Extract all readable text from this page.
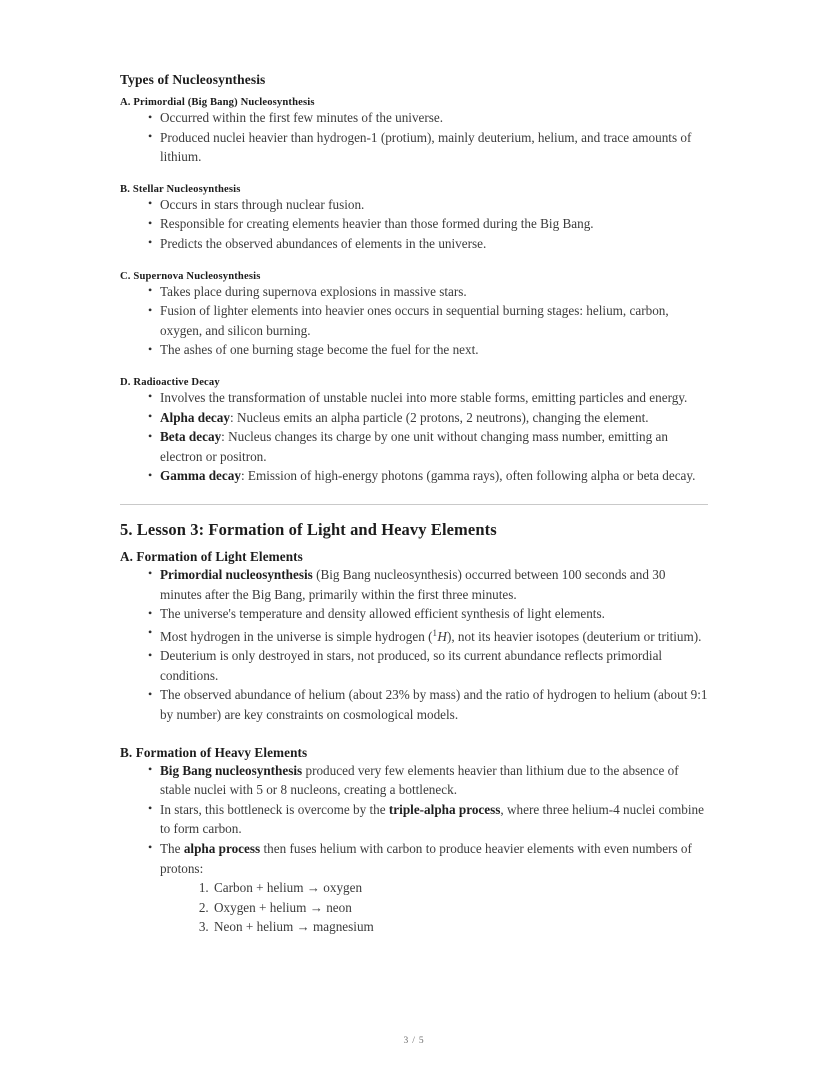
Types of Nucleosynthesis
A. Primordial (Big Bang) Nucleosynthesis
• Occurred within the first few minutes of the universe.
• Produced nuclei heavier than hydrogen-1 (protium), mainly deuterium, helium, and trace amounts of lithium.
B. Stellar Nucleosynthesis
• Occurs in stars through nuclear fusion.
• Responsible for creating elements heavier than those formed during the Big Bang.
• Predicts the observed abundances of elements in the universe.
C. Supernova Nucleosynthesis
• Takes place during supernova explosions in massive stars.
• Fusion of lighter elements into heavier ones occurs in sequential burning stages: helium, carbon, oxygen, and silicon burning.
• The ashes of one burning stage become the fuel for the next.
D. Radioactive Decay
• Involves the transformation of unstable nuclei into more stable forms, emitting particles and energy.
• Alpha decay: Nucleus emits an alpha particle (2 protons, 2 neutrons), changing the element.
• Beta decay: Nucleus changes its charge by one unit without changing mass number, emitting an electron or positron.
• Gamma decay: Emission of high-energy photons (gamma rays), often following alpha or beta decay.
5. Lesson 3: Formation of Light and Heavy Elements
A. Formation of Light Elements
• Primordial nucleosynthesis (Big Bang nucleosynthesis) occurred between 100 seconds and 30 minutes after the Big Bang, primarily within the first three minutes.
• The universe's temperature and density allowed efficient synthesis of light elements.
• Most hydrogen in the universe is simple hydrogen ($^1$H), not its heavier isotopes (deuterium or tritium).
• Deuterium is only destroyed in stars, not produced, so its current abundance reflects primordial conditions.
• The observed abundance of helium (about 23% by mass) and the ratio of hydrogen to helium (about 9:1 by number) are key constraints on cosmological models.
B. Formation of Heavy Elements
• Big Bang nucleosynthesis produced very few elements heavier than lithium due to the absence of stable nuclei with 5 or 8 nucleons, creating a bottleneck.
• In stars, this bottleneck is overcome by the triple-alpha process, where three helium-4 nuclei combine to form carbon.
• The alpha process then fuses helium with carbon to produce heavier elements with even numbers of protons:
1. Carbon + helium → oxygen
2. Oxygen + helium → neon
3. Neon + helium → magnesium
3 / 5
